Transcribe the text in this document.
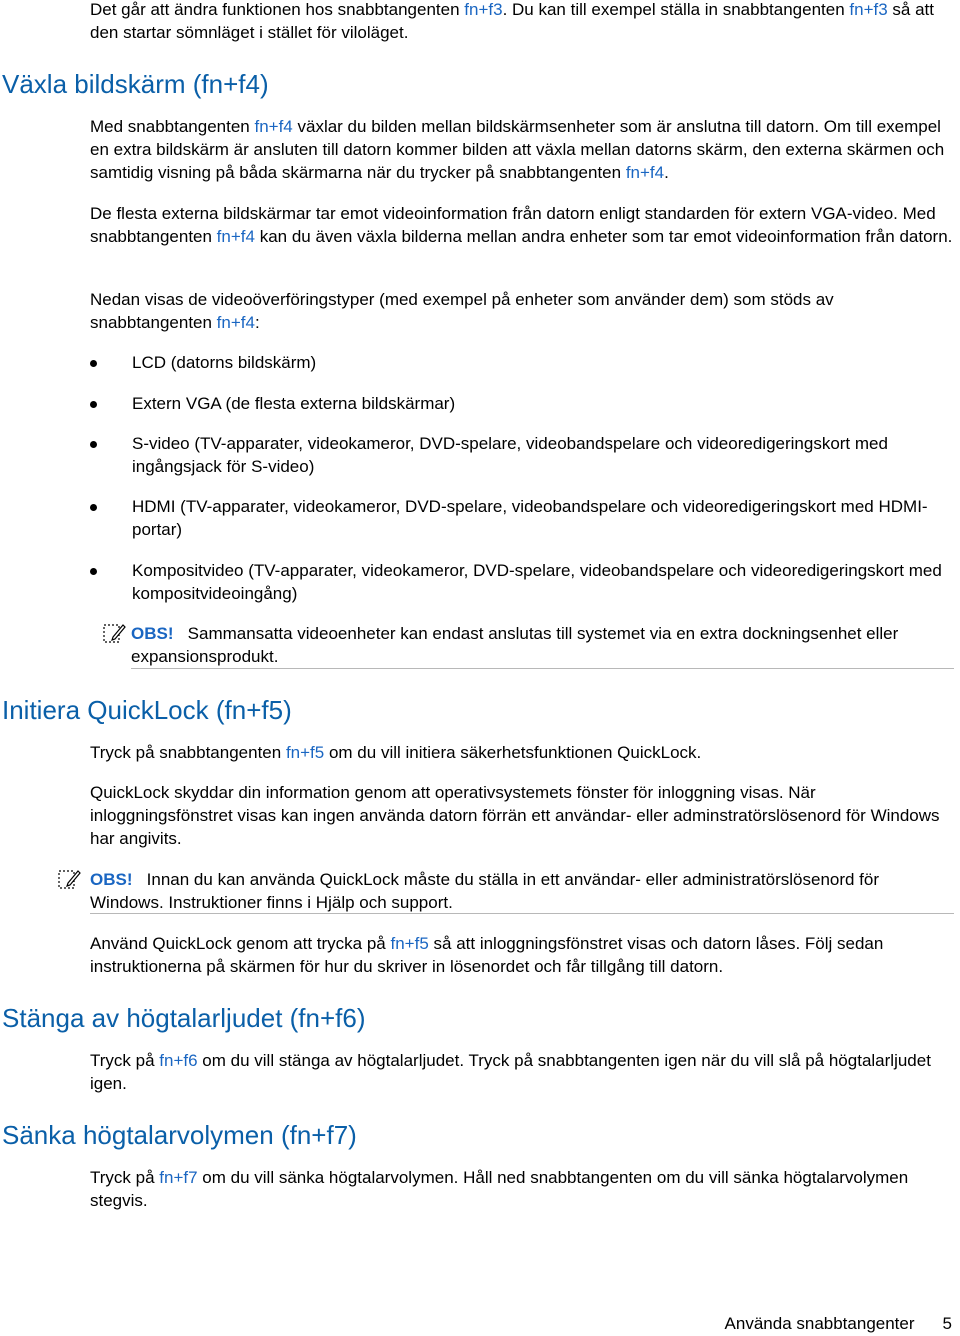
Det går att ändra funktionen hos snabbtangenten fn+f3. Du kan till exempel ställa in snabbtangenten fn+f3 så att den startar sömnläget i stället för viloläget.

Växla bildskärm (fn+f4)

Med snabbtangenten fn+f4 växlar du bilden mellan bildskärmsenheter som är anslutna till datorn. Om till exempel en extra bildskärm är ansluten till datorn kommer bilden att växla mellan datorns skärm, den externa skärmen och samtidig visning på båda skärmarna när du trycker på snabbtangenten fn+f4.

De flesta externa bildskärmar tar emot videoinformation från datorn enligt standarden för extern VGA-video. Med snabbtangenten fn+f4 kan du även växla bilderna mellan andra enheter som tar emot videoinformation från datorn.

Nedan visas de videoöverföringstyper (med exempel på enheter som använder dem) som stöds av snabbtangenten fn+f4:

LCD (datorns bildskärm)
Extern VGA (de flesta externa bildskärmar)
S-video (TV-apparater, videokameror, DVD-spelare, videobandspelare och videoredigeringskort med ingångsjack för S-video)
HDMI (TV-apparater, videokameror, DVD-spelare, videobandspelare och videoredigeringskort med HDMI-portar)
Kompositvideo (TV-apparater, videokameror, DVD-spelare, videobandspelare och videoredigeringskort med kompositvideoingång)
OBS! Sammansatta videoenheter kan endast anslutas till systemet via en extra dockningsenhet eller expansionsprodukt.
Initiera QuickLock (fn+f5)

Tryck på snabbtangenten fn+f5 om du vill initiera säkerhetsfunktionen QuickLock.

QuickLock skyddar din information genom att operativsystemets fönster för inloggning visas. När inloggningsfönstret visas kan ingen använda datorn förrän ett användar- eller adminstratörslösenord för Windows har angivits.

OBS! Innan du kan använda QuickLock måste du ställa in ett användar- eller administratörslösenord för Windows. Instruktioner finns i Hjälp och support.

Använd QuickLock genom att trycka på fn+f5 så att inloggningsfönstret visas och datorn låses. Följ sedan instruktionerna på skärmen för hur du skriver in lösenordet och får tillgång till datorn.

Stänga av högtalarljudet (fn+f6)

Tryck på fn+f6 om du vill stänga av högtalarljudet. Tryck på snabbtangenten igen när du vill slå på högtalarljudet igen.

Sänka högtalarvolymen (fn+f7)

Tryck på fn+f7 om du vill sänka högtalarvolymen. Håll ned snabbtangenten om du vill sänka högtalarvolymen stegvis.

Använda snabbtangenter 5
